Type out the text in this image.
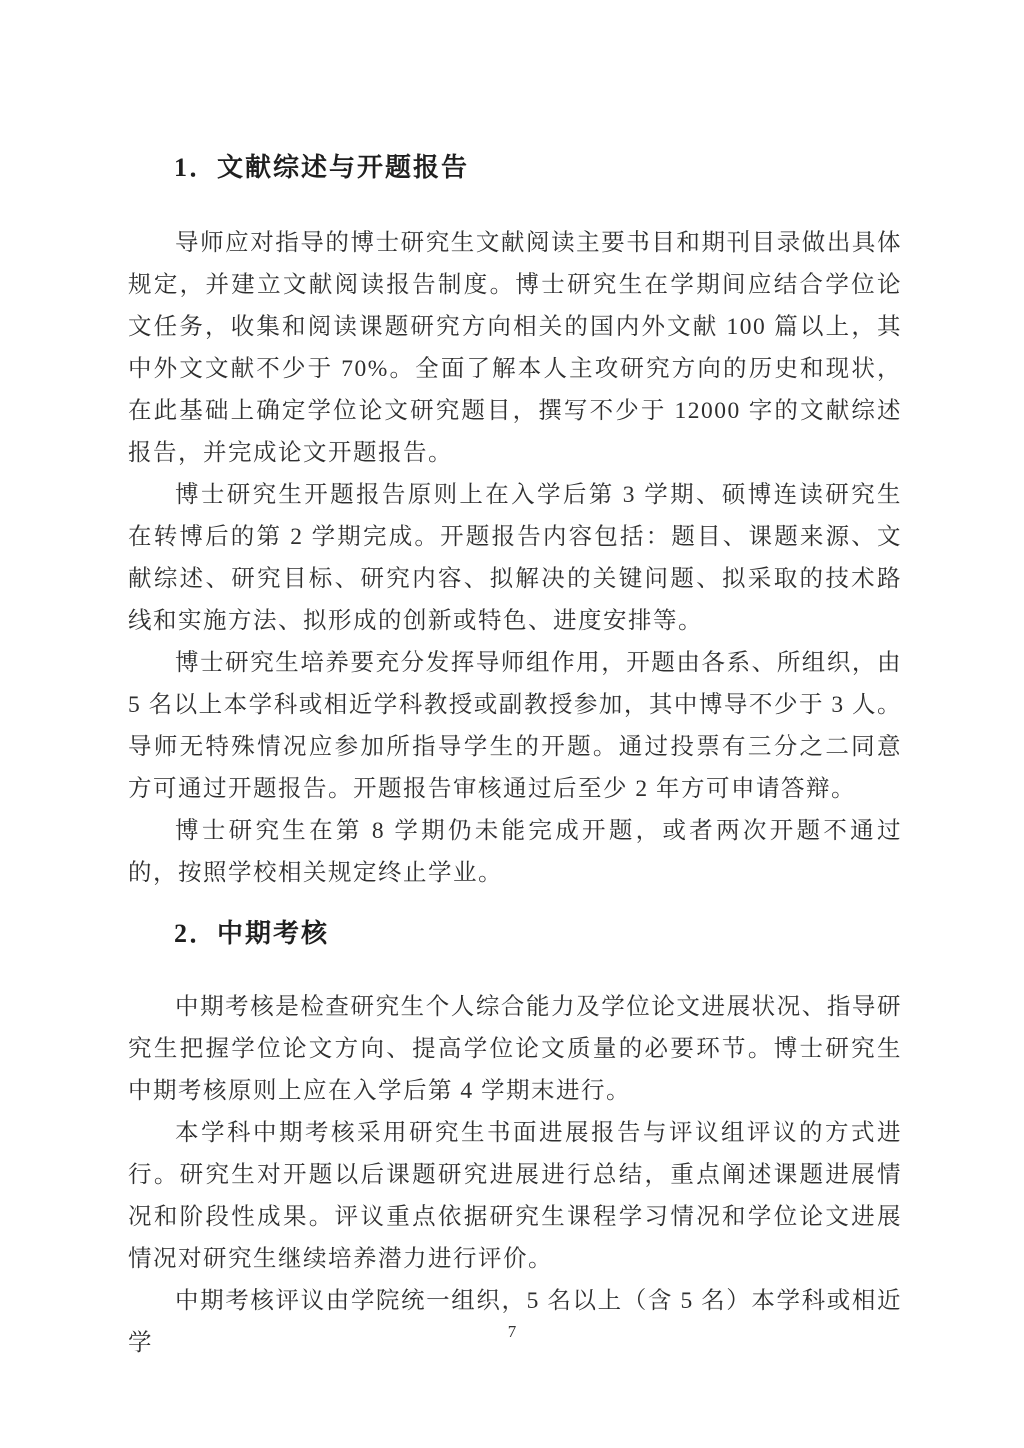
1．文献综述与开题报告

导师应对指导的博士研究生文献阅读主要书目和期刊目录做出具体规定，并建立文献阅读报告制度。博士研究生在学期间应结合学位论文任务，收集和阅读课题研究方向相关的国内外文献 100 篇以上，其中外文文献不少于 70%。全面了解本人主攻研究方向的历史和现状，在此基础上确定学位论文研究题目，撰写不少于 12000 字的文献综述报告，并完成论文开题报告。

博士研究生开题报告原则上在入学后第 3 学期、硕博连读研究生在转博后的第 2 学期完成。开题报告内容包括：题目、课题来源、文献综述、研究目标、研究内容、拟解决的关键问题、拟采取的技术路线和实施方法、拟形成的创新或特色、进度安排等。

博士研究生培养要充分发挥导师组作用，开题由各系、所组织，由 5 名以上本学科或相近学科教授或副教授参加，其中博导不少于 3 人。导师无特殊情况应参加所指导学生的开题。通过投票有三分之二同意方可通过开题报告。开题报告审核通过后至少 2 年方可申请答辩。

博士研究生在第 8 学期仍未能完成开题，或者两次开题不通过的，按照学校相关规定终止学业。

2．中期考核

中期考核是检查研究生个人综合能力及学位论文进展状况、指导研究生把握学位论文方向、提高学位论文质量的必要环节。博士研究生中期考核原则上应在入学后第 4 学期末进行。

本学科中期考核采用研究生书面进展报告与评议组评议的方式进行。研究生对开题以后课题研究进展进行总结，重点阐述课题进展情况和阶段性成果。评议重点依据研究生课程学习情况和学位论文进展情况对研究生继续培养潜力进行评价。

中期考核评议由学院统一组织，5 名以上（含 5 名）本学科或相近学	7
